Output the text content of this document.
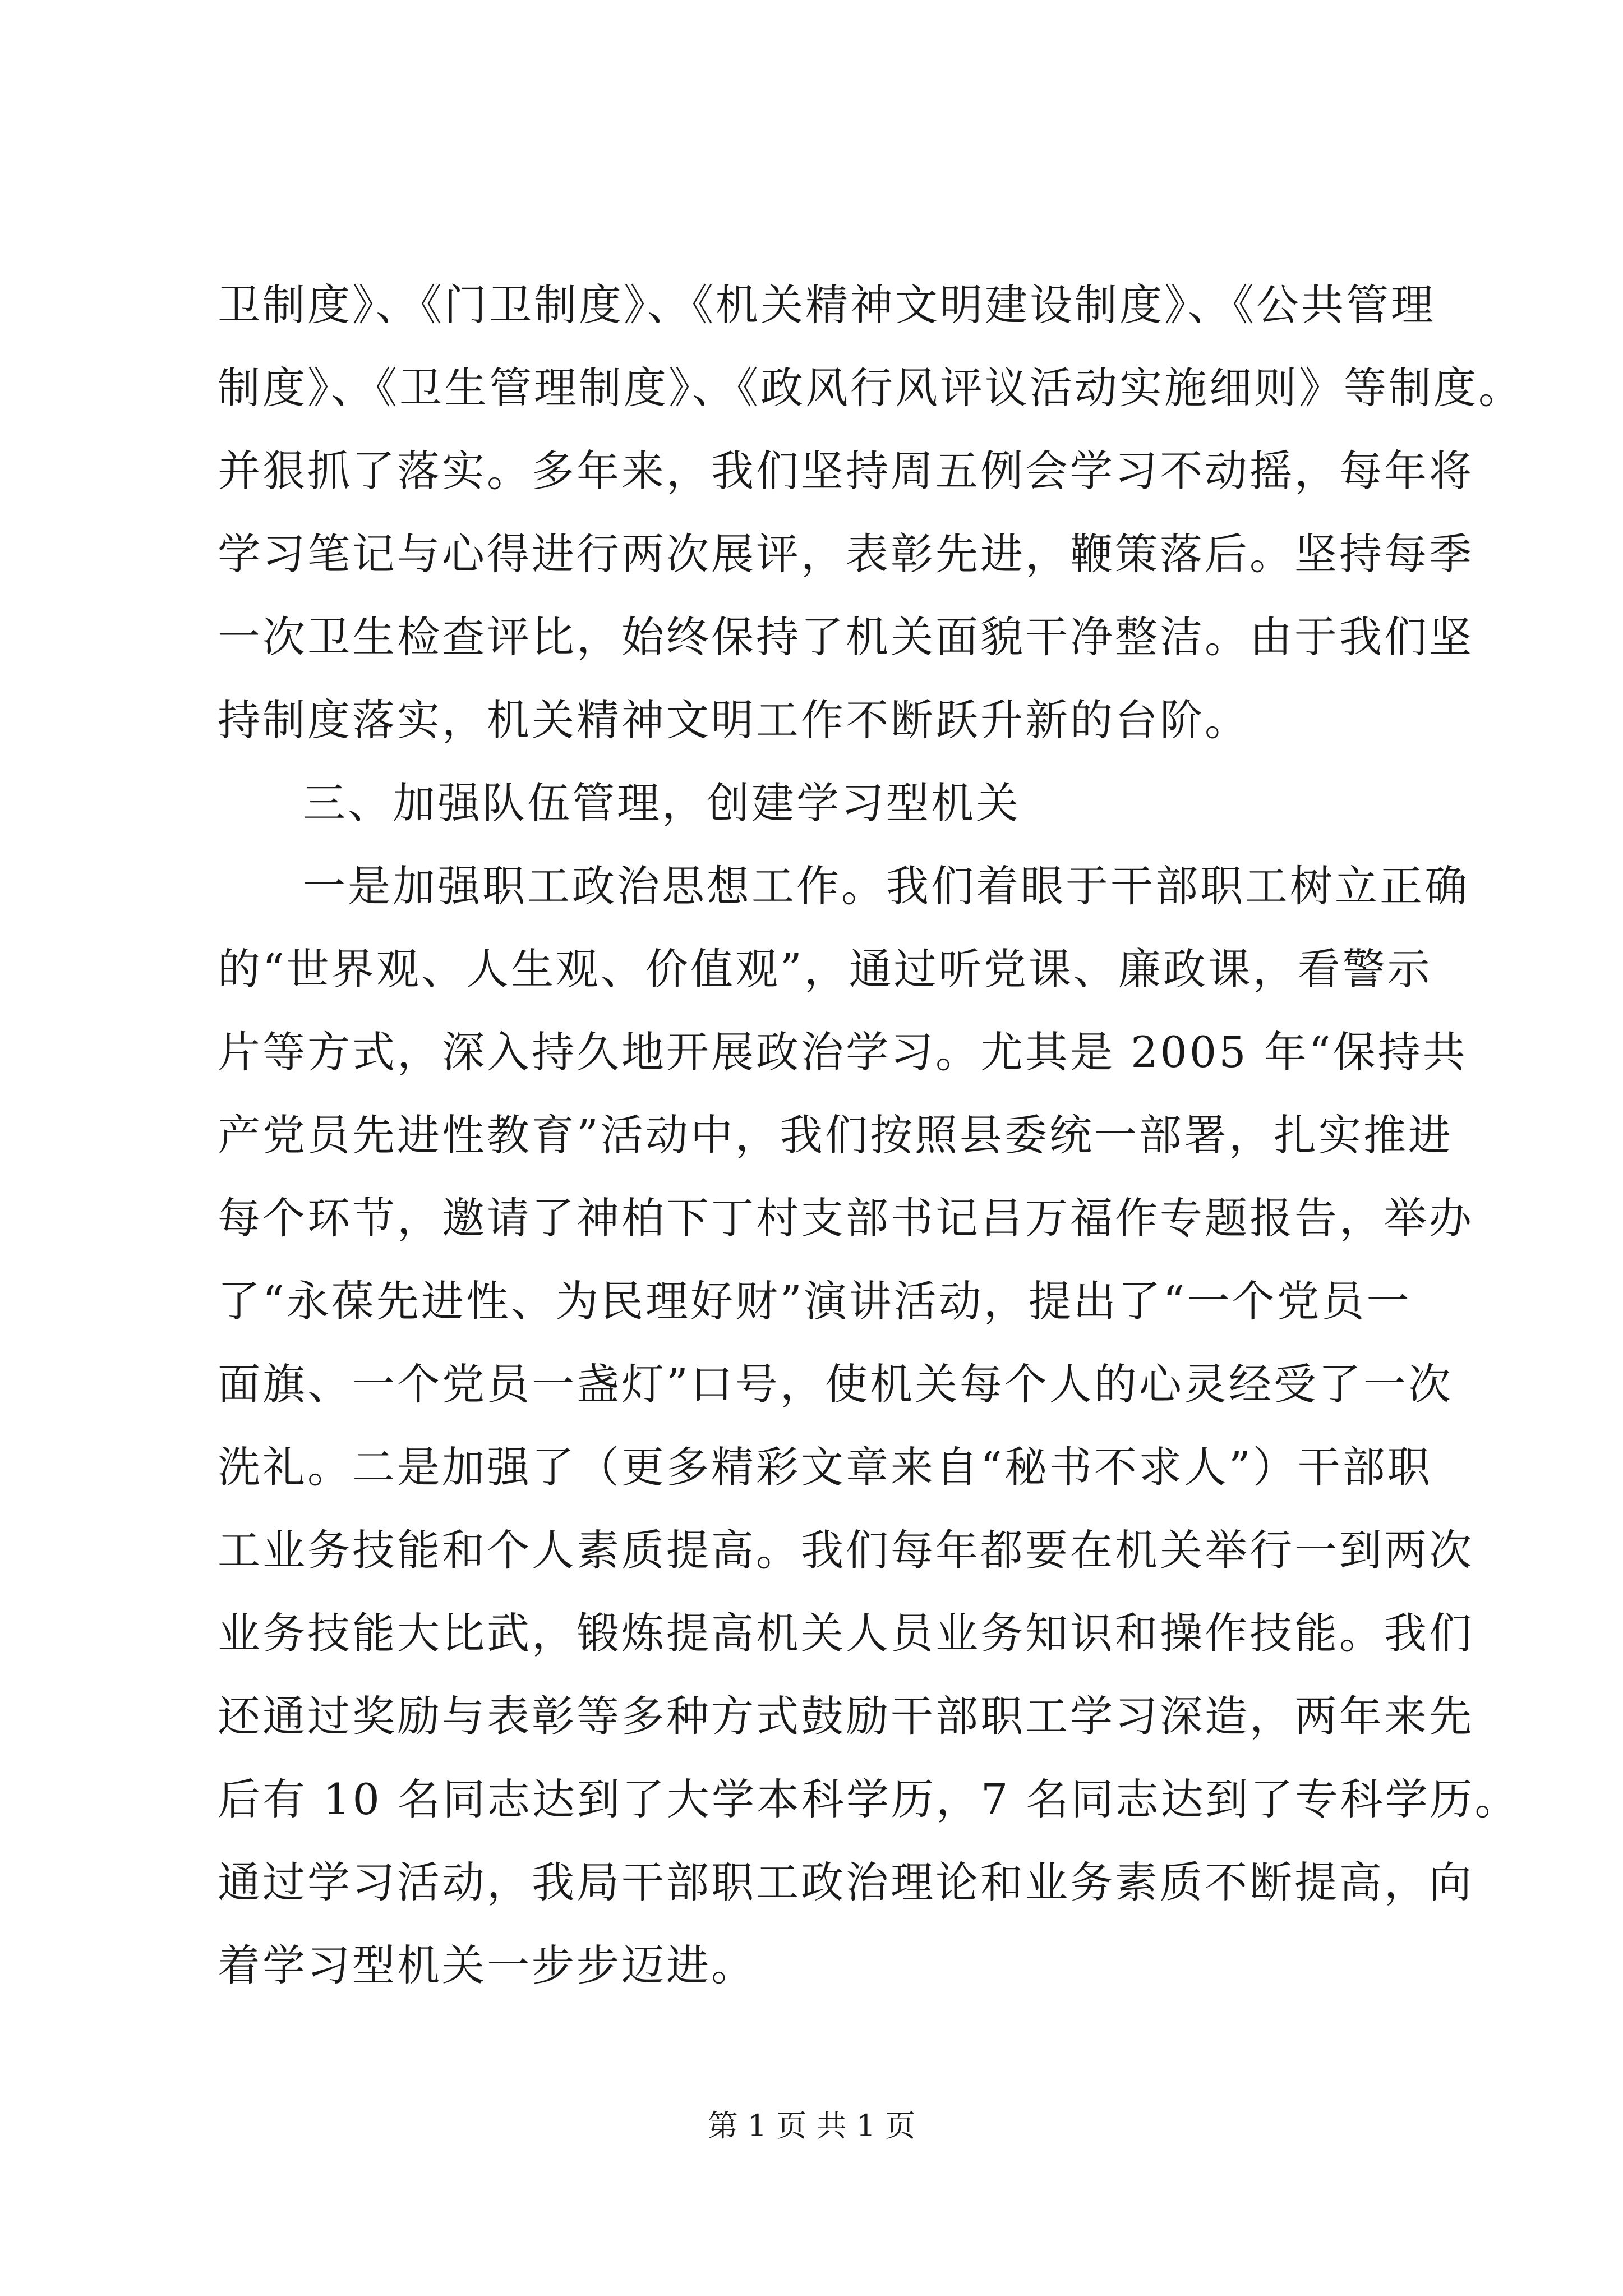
卫制度》、《门卫制度》、《机关精神文明建设制度》、《公共管理
制度》、《卫生管理制度》、《政风行风评议活动实施细则》等制度。
并狠抓了落实。多年来，我们坚持周五例会学习不动摇，每年将
学习笔记与心得进行两次展评，表彰先进，鞭策落后。坚持每季
一次卫生检查评比，始终保持了机关面貌干净整洁。由于我们坚
持制度落实，机关精神文明工作不断跃升新的台阶。
三、加强队伍管理，创建学习型机关
一是加强职工政治思想工作。我们着眼于干部职工树立正确
的“世界观、人生观、价值观”，通过听党课、廉政课，看警示
片等方式，深入持久地开展政治学习。尤其是 2005 年“保持共
产党员先进性教育”活动中，我们按照县委统一部署，扎实推进
每个环节，邀请了神柏下丁村支部书记吕万福作专题报告，举办
了“永葆先进性、为民理好财”演讲活动，提出了“一个党员一
面旗、一个党员一盏灯”口号，使机关每个人的心灵经受了一次
洗礼。二是加强了（更多精彩文章来自“秘书不求人”）干部职
工业务技能和个人素质提高。我们每年都要在机关举行一到两次
业务技能大比武，锻炼提高机关人员业务知识和操作技能。我们
还通过奖励与表彰等多种方式鼓励干部职工学习深造，两年来先
后有 10 名同志达到了大学本科学历，7 名同志达到了专科学历。
通过学习活动，我局干部职工政治理论和业务素质不断提高，向
着学习型机关一步步迈进。
第 1 页 共 1 页
